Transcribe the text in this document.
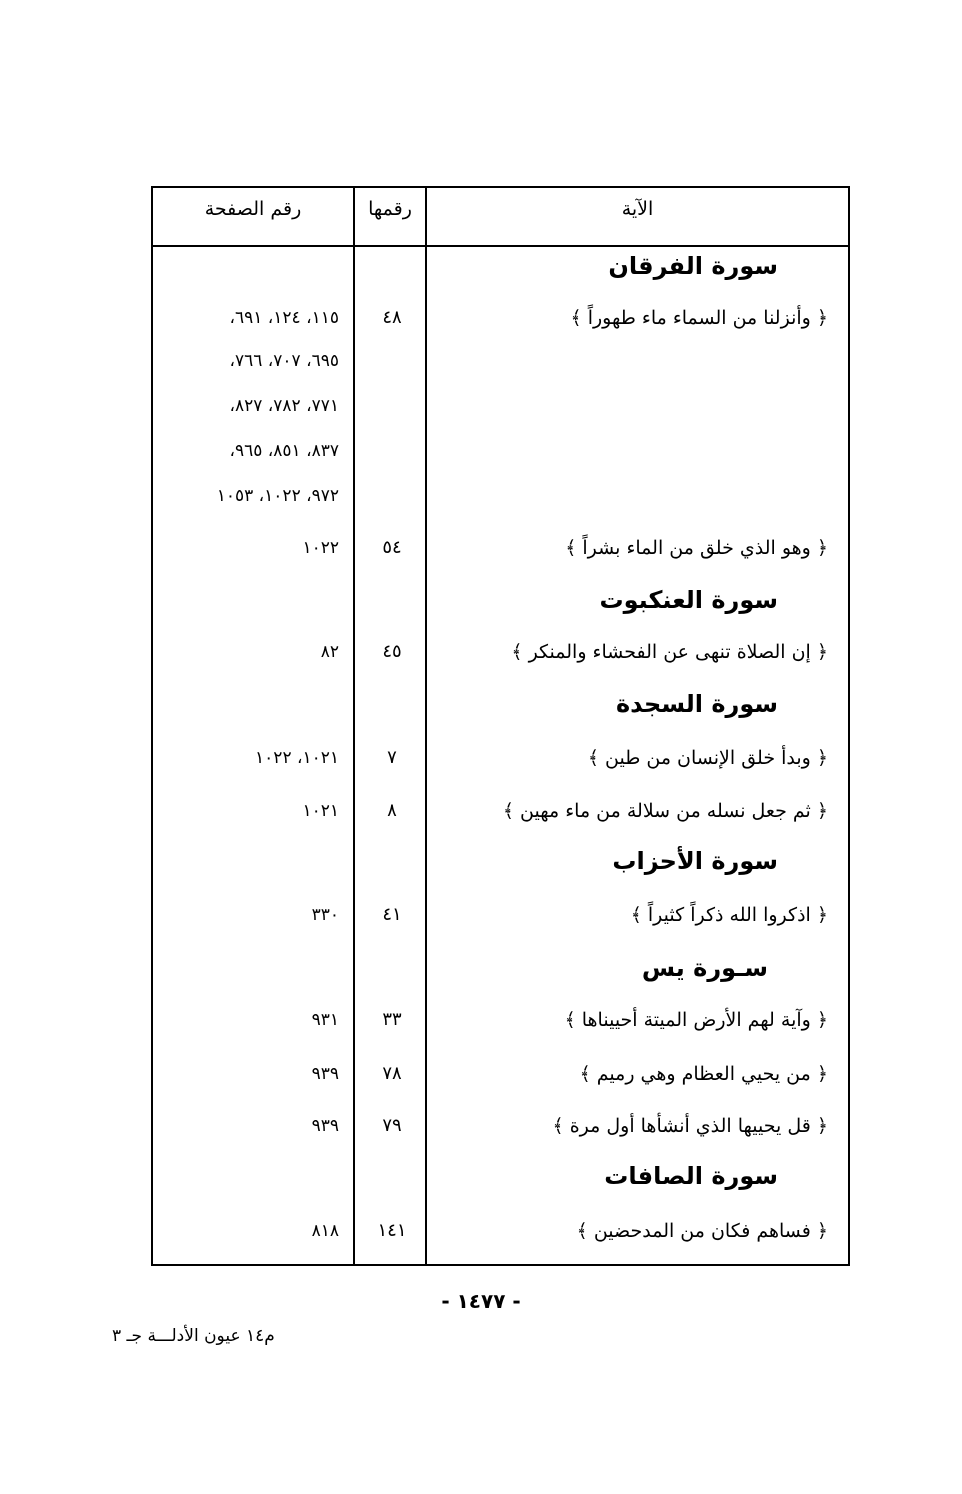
رقم الصفحة	رقمها	الآية
سورة الفرقان
﴿ وأنزلنا من السماء ماء طهوراً ﴾
٤٨
١١٥، ١٢٤، ٦٩١،
٦٩٥، ٧٠٧، ٧٦٦،
٧٧١، ٧٨٢، ٨٢٧،
٨٣٧، ٨٥١، ٩٦٥،
٩٧٢، ١٠٢٢، ١٠٥٣
﴿ وهو الذي خلق من الماء بشراً ﴾
٥٤
١٠٢٢
سورة العنكبوت
﴿ إن الصلاة تنهى عن الفحشاء والمنكر ﴾
٤٥
٨٢
سورة السجدة
﴿ وبدأ خلق الإنسان من طين ﴾
٧
١٠٢١، ١٠٢٢
﴿ ثم جعل نسله من سلالة من ماء مهين ﴾
٨
١٠٢١
سورة الأحزاب
﴿ اذكروا الله ذكراً كثيراً ﴾
٤١
٣٣٠
سـورة يس
﴿ وآية لهم الأرض الميتة أحييناها ﴾
٣٣
٩٣١
﴿ من يحيي العظام وهي رميم ﴾
٧٨
٩٣٩
﴿ قل يحييها الذي أنشأها أول مرة ﴾
٧٩
٩٣٩
سورة الصافات
﴿ فساهم فكان من المدحضين ﴾
١٤١
٨١٨
- ١٤٧٧ -
م١٤ عيون الأدلـــة جـ ٣
